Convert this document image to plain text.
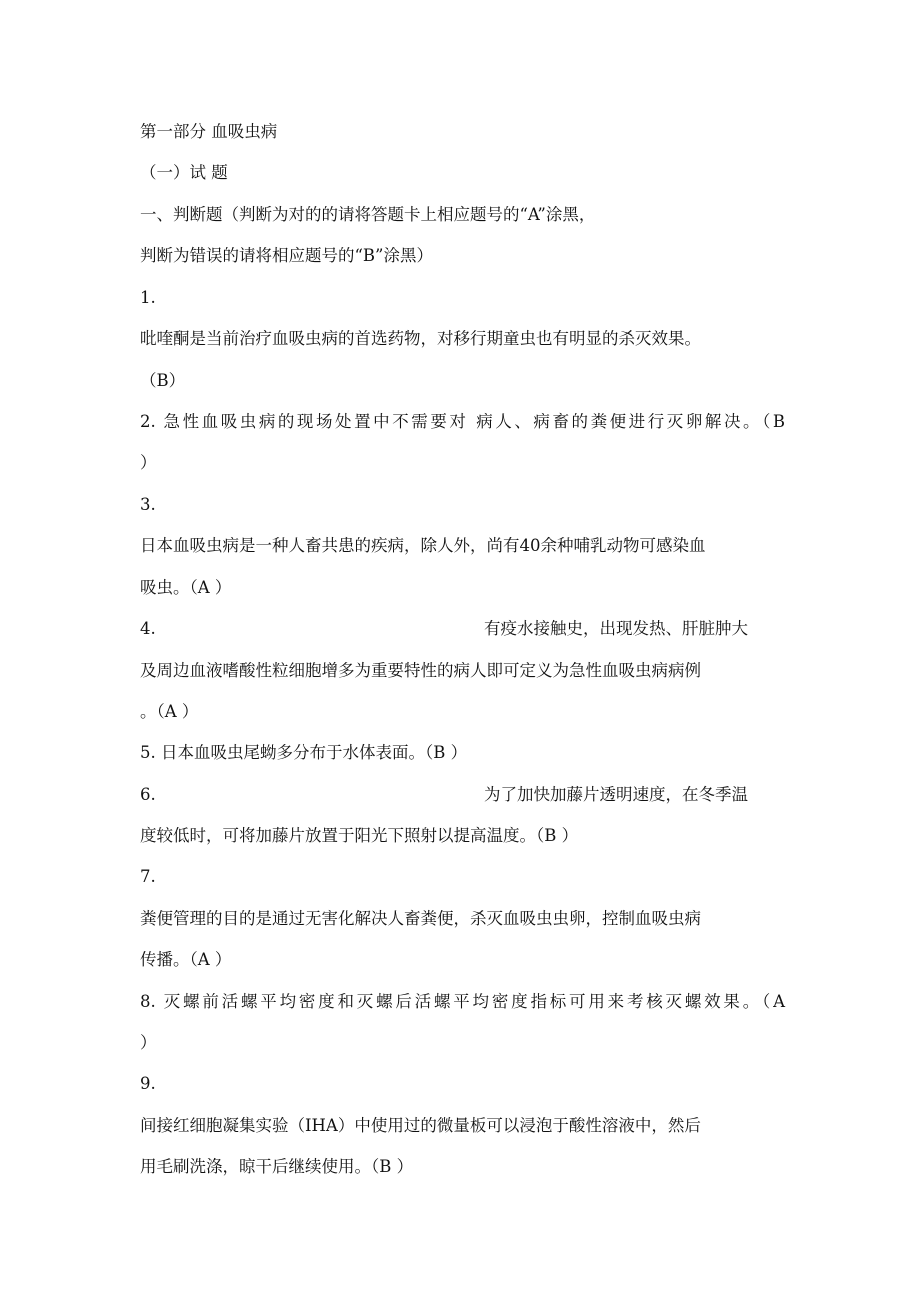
第一部分 血吸虫病
（一）试 题
一、判断题（判断为对的的请将答题卡上相应题号的“A”涂黑，
判断为错误的请将相应题号的“B”涂黑）
1.
吡喹酮是当前治疗血吸虫病的首选药物，对移行期童虫也有明显的杀灭效果。
（B）
2. 急性血吸虫病的现场处置中不需要对 病人、病畜的粪便进行灭卵解决。（B
）
3.
日本血吸虫病是一种人畜共患的疾病，除人外，尚有40余种哺乳动物可感染血
吸虫。（A ）
4.	有疫水接触史，出现发热、肝脏肿大
及周边血液嗜酸性粒细胞增多为重要特性的病人即可定义为急性血吸虫病病例
。（A ）
5. 日本血吸虫尾蚴多分布于水体表面。（B ）
6.	为了加快加藤片透明速度，在冬季温
度较低时，可将加藤片放置于阳光下照射以提高温度。（B ）
7.
粪便管理的目的是通过无害化解决人畜粪便，杀灭血吸虫虫卵，控制血吸虫病
传播。（A ）
8. 灭螺前活螺平均密度和灭螺后活螺平均密度指标可用来考核灭螺效果。（A
）
9.
间接红细胞凝集实验（IHA）中使用过的微量板可以浸泡于酸性溶液中，然后
用毛刷洗涤，晾干后继续使用。（B ）
